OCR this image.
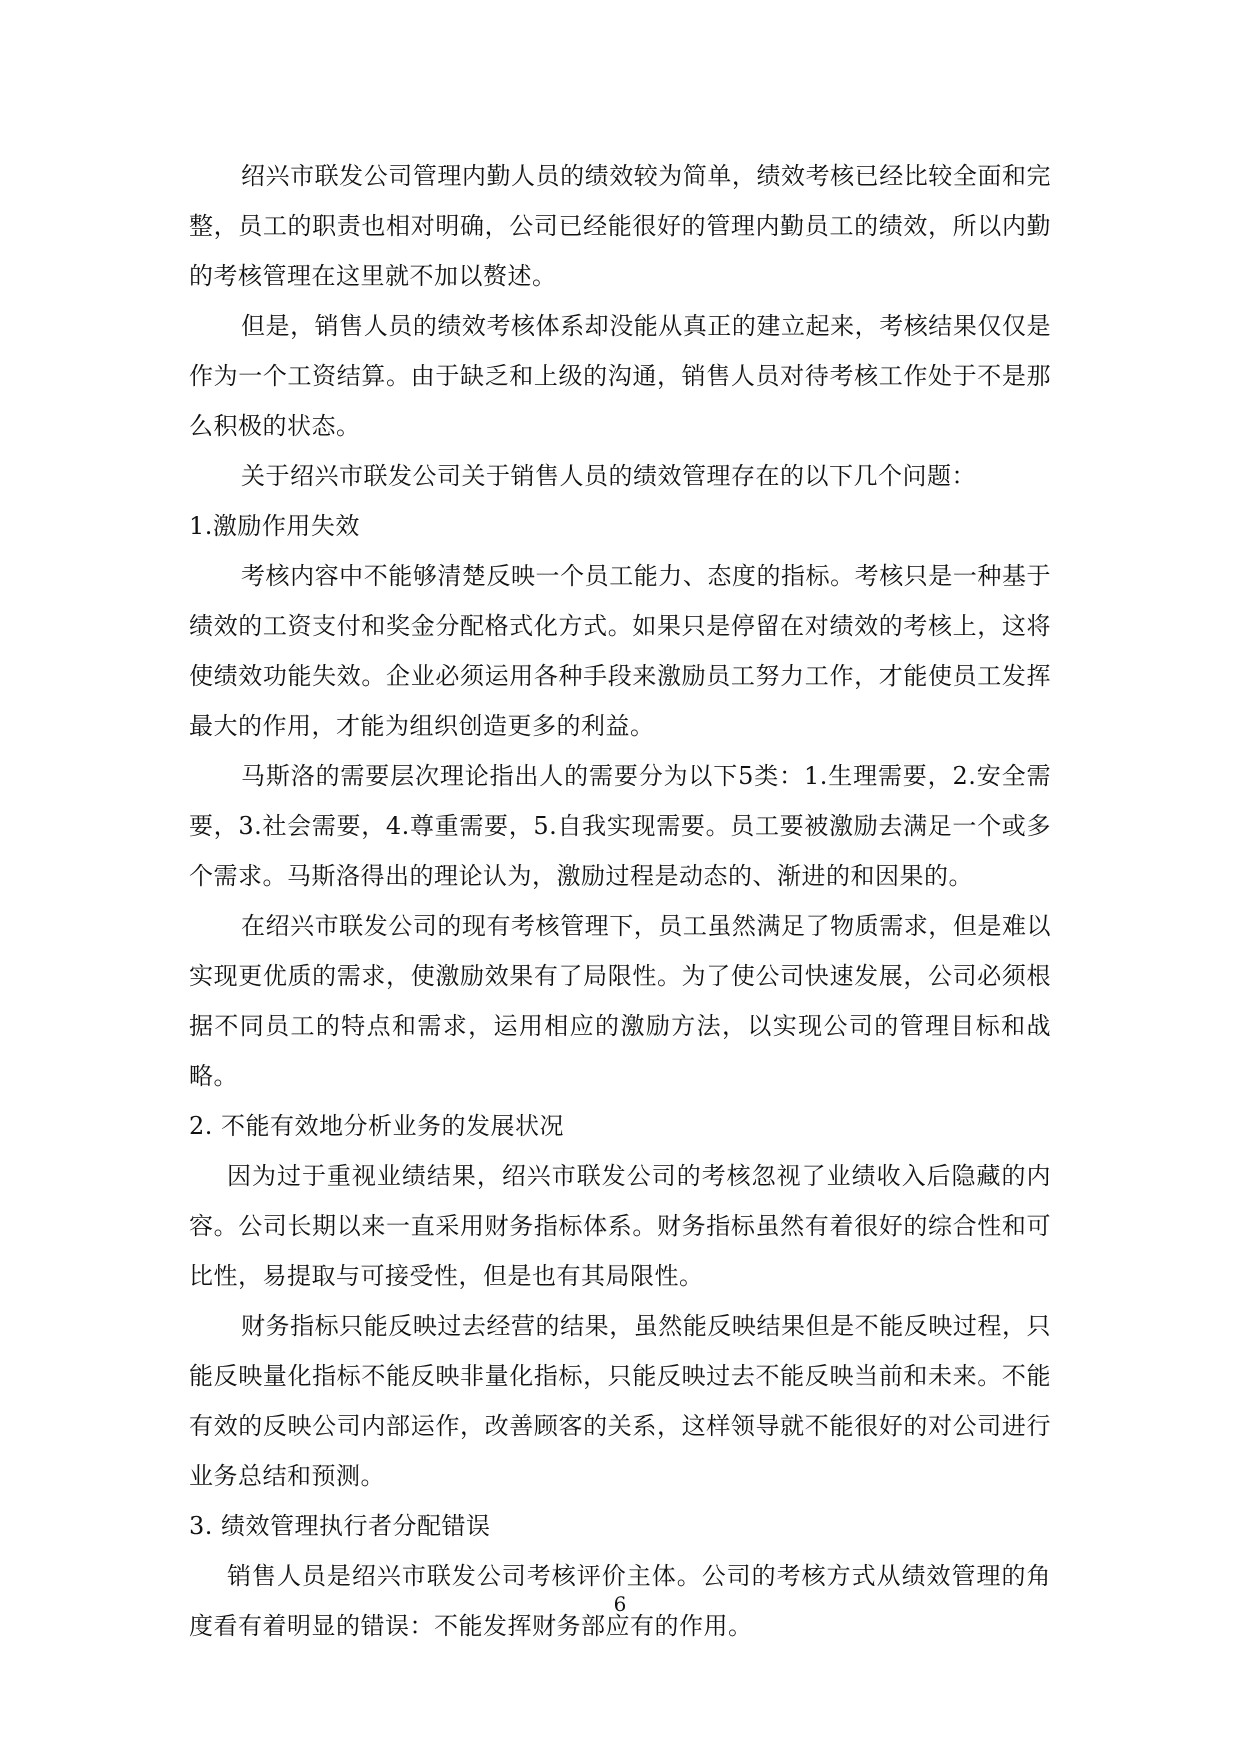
绍兴市联发公司管理内勤人员的绩效较为简单，绩效考核已经比较全面和完整，员工的职责也相对明确，公司已经能很好的管理内勤员工的绩效，所以内勤的考核管理在这里就不加以赘述。

但是，销售人员的绩效考核体系却没能从真正的建立起来，考核结果仅仅是作为一个工资结算。由于缺乏和上级的沟通，销售人员对待考核工作处于不是那么积极的状态。

关于绍兴市联发公司关于销售人员的绩效管理存在的以下几个问题：

1.激励作用失效

考核内容中不能够清楚反映一个员工能力、态度的指标。考核只是一种基于绩效的工资支付和奖金分配格式化方式。如果只是停留在对绩效的考核上，这将使绩效功能失效。企业必须运用各种手段来激励员工努力工作，才能使员工发挥最大的作用，才能为组织创造更多的利益。

马斯洛的需要层次理论指出人的需要分为以下5类：1.生理需要，2.安全需要，3.社会需要，4.尊重需要，5.自我实现需要。员工要被激励去满足一个或多个需求。马斯洛得出的理论认为，激励过程是动态的、渐进的和因果的。

在绍兴市联发公司的现有考核管理下，员工虽然满足了物质需求，但是难以实现更优质的需求，使激励效果有了局限性。为了使公司快速发展，公司必须根据不同员工的特点和需求，运用相应的激励方法，以实现公司的管理目标和战略。

2. 不能有效地分析业务的发展状况

因为过于重视业绩结果，绍兴市联发公司的考核忽视了业绩收入后隐藏的内容。公司长期以来一直采用财务指标体系。财务指标虽然有着很好的综合性和可比性，易提取与可接受性，但是也有其局限性。

财务指标只能反映过去经营的结果，虽然能反映结果但是不能反映过程，只能反映量化指标不能反映非量化指标，只能反映过去不能反映当前和未来。不能有效的反映公司内部运作，改善顾客的关系，这样领导就不能很好的对公司进行业务总结和预测。

3. 绩效管理执行者分配错误

销售人员是绍兴市联发公司考核评价主体。公司的考核方式从绩效管理的角度看有着明显的错误：不能发挥财务部应有的作用。

6
